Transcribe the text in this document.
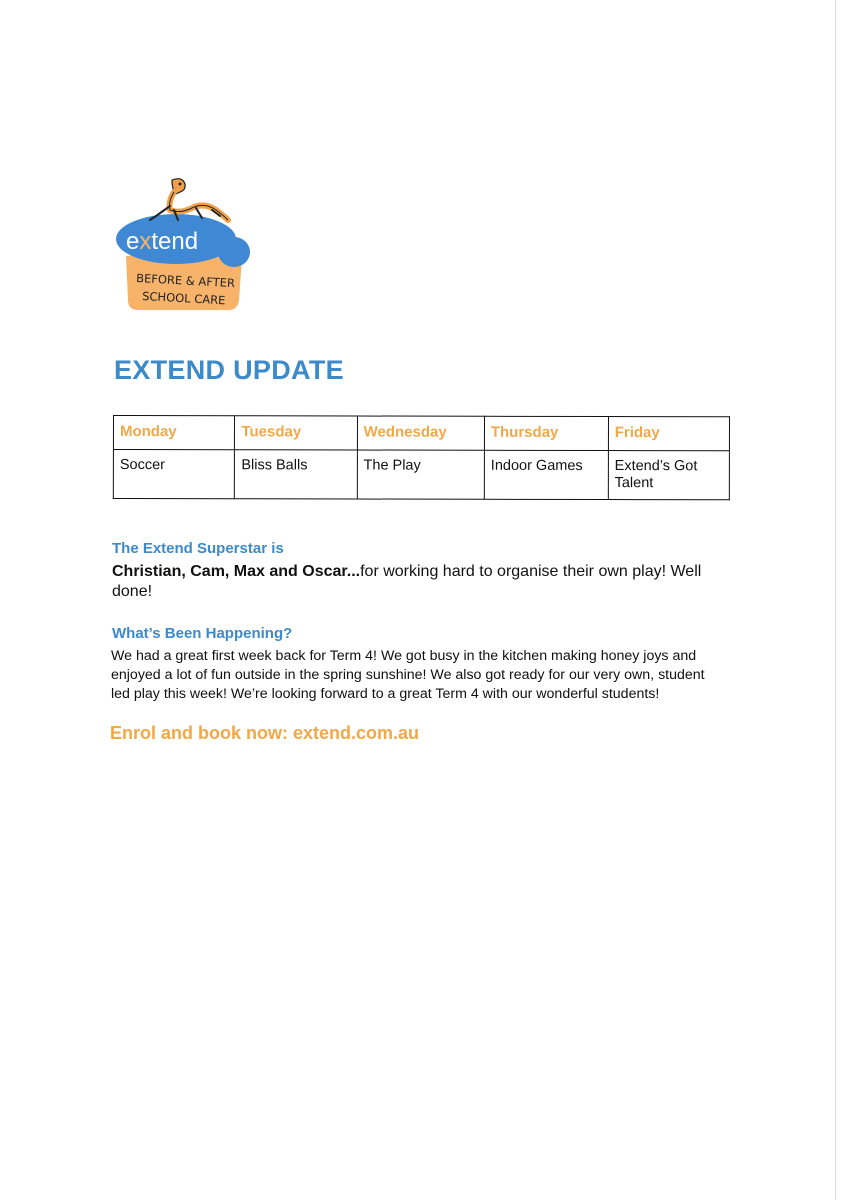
extend
BEFORE & AFTER
SCHOOL CARE
EXTEND UPDATE
Monday	Tuesday	Wednesday	Thursday	Friday
Soccer	Bliss Balls	The Play	Indoor Games	Extend’s Got Talent
The Extend Superstar is

Christian, Cam, Max and Oscar...for working hard to organise their own play! Well done!

What’s Been Happening?

We had a great first week back for Term 4! We got busy in the kitchen making honey joys and enjoyed a lot of fun outside in the spring sunshine! We also got ready for our very own, student led play this week! We’re looking forward to a great Term 4 with our wonderful students!

Enrol and book now: extend.com.au
